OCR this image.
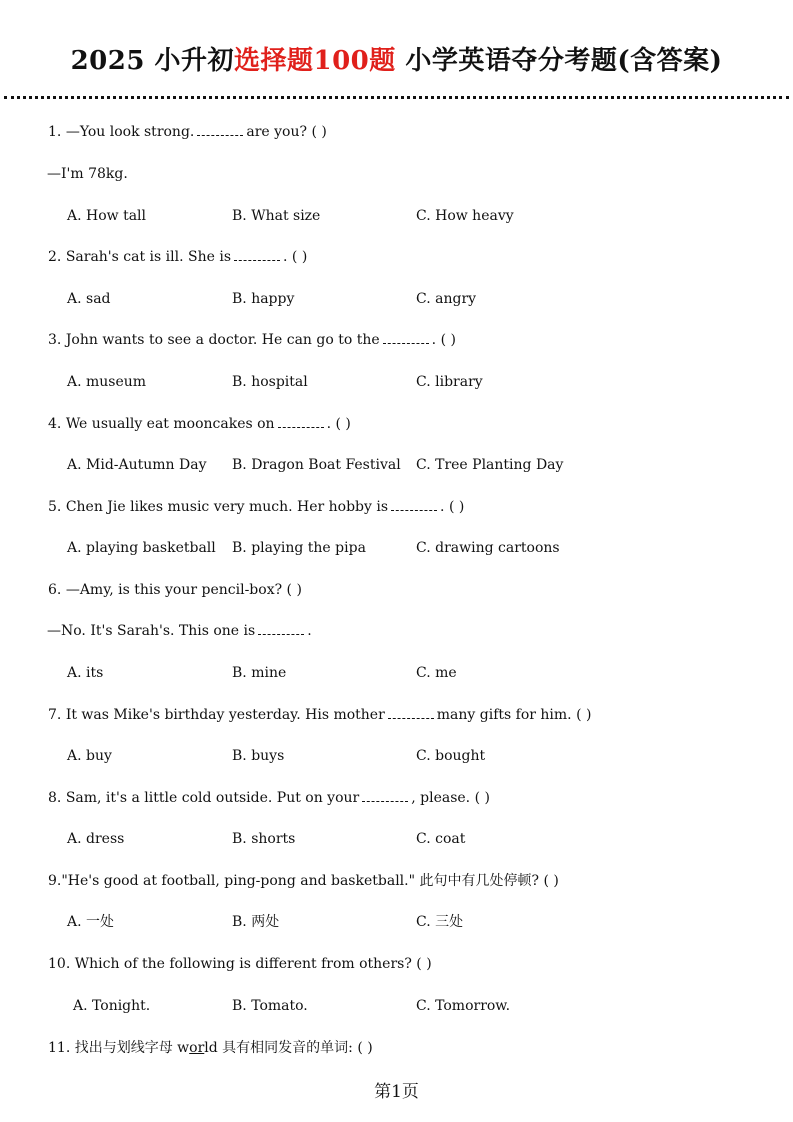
2025 小升初选择题100题 小学英语夺分考题(含答案)
1. —You look strong.	are you? ( )
—I'm 78kg.
A. How tall	B. What size	C. How heavy
2. Sarah's cat is ill. She is	. ( )
A. sad	B. happy	C. angry
3. John wants to see a doctor. He can go to the	. ( )
A. museum	B. hospital	C. library
4. We usually eat mooncakes on	. ( )
A. Mid-Autumn Day B. Dragon Boat Festival C. Tree Planting Day
5. Chen Jie likes music very much. Her hobby is	. ( )
A. playing basketball B. playing the pipa	C. drawing cartoons
6. —Amy, is this your pencil-box? ( )
—No. It's Sarah's. This one is	.
A. its	B. mine	C. me
7. It was Mike's birthday yesterday. His mother	many gifts for him. ( )
A. buy	B. buys	C. bought
8. Sam, it's a little cold outside. Put on your	, please. ( )
A. dress	B. shorts	C. coat
9."He's good at football, ping-pong and basketball." 此句中有几处停顿? ( )
A. 一处	B. 两处	C. 三处
10. Which of the following is different from others? ( )
A. Tonight.	B. Tomato.	C. Tomorrow.
11. 找出与划线字母 world 具有相同发音的单词: ( )
第1页
